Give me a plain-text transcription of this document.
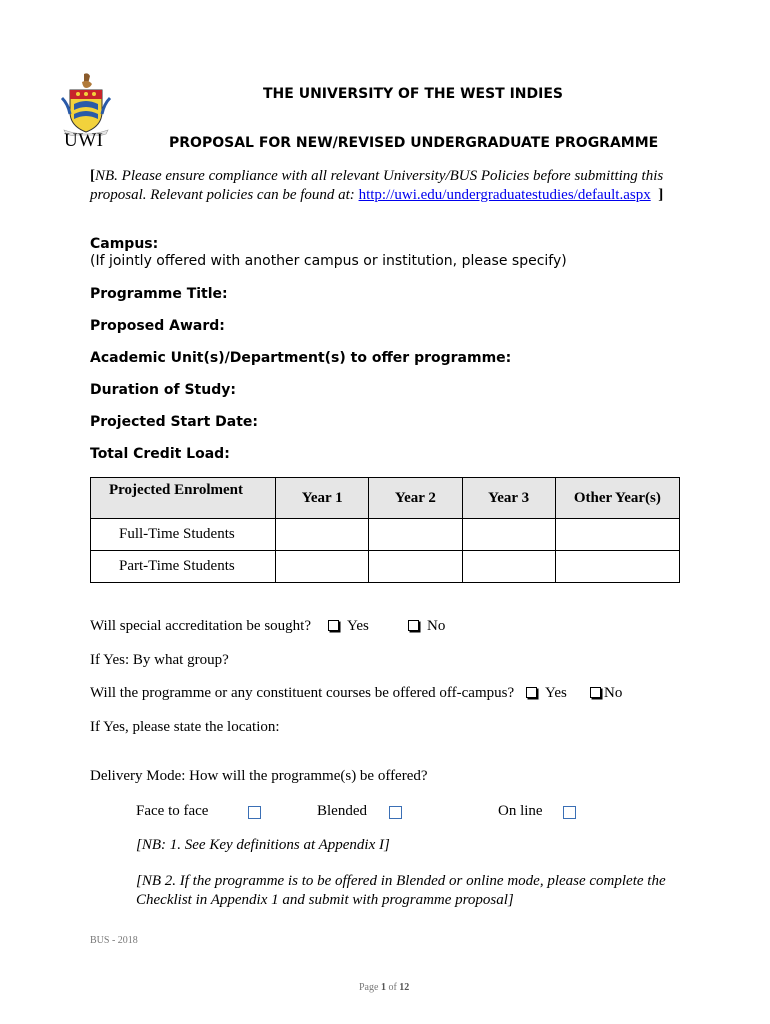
UWI
THE UNIVERSITY OF THE WEST INDIES
PROPOSAL FOR NEW/REVISED UNDERGRADUATE PROGRAMME
[NB. Please ensure compliance with all relevant University/BUS Policies before submitting this
proposal. Relevant policies can be found at: http://uwi.edu/undergraduatestudies/default.aspx ]
Campus:
(If jointly offered with another campus or institution, please specify)
Programme Title:
Proposed Award:
Academic Unit(s)/Department(s) to offer programme:
Duration of Study:
Projected Start Date:
Total Credit Load:
Projected Enrolment	Year 1	Year 2	Year 3	Other Year(s)
Full-Time Students				
Part-Time Students				
Will special accreditation be sought?	Yes	No
If Yes: By what group?
Will the programme or any constituent courses be offered off-campus?	Yes	No
If Yes, please state the location:
Delivery Mode: How will the programme(s) be offered?
Face to face	Blended	On line
[NB: 1. See Key definitions at Appendix I]
[NB 2. If the programme is to be offered in Blended or online mode, please complete the
Checklist in Appendix 1 and submit with programme proposal]
BUS - 2018
Page 1 of 12
